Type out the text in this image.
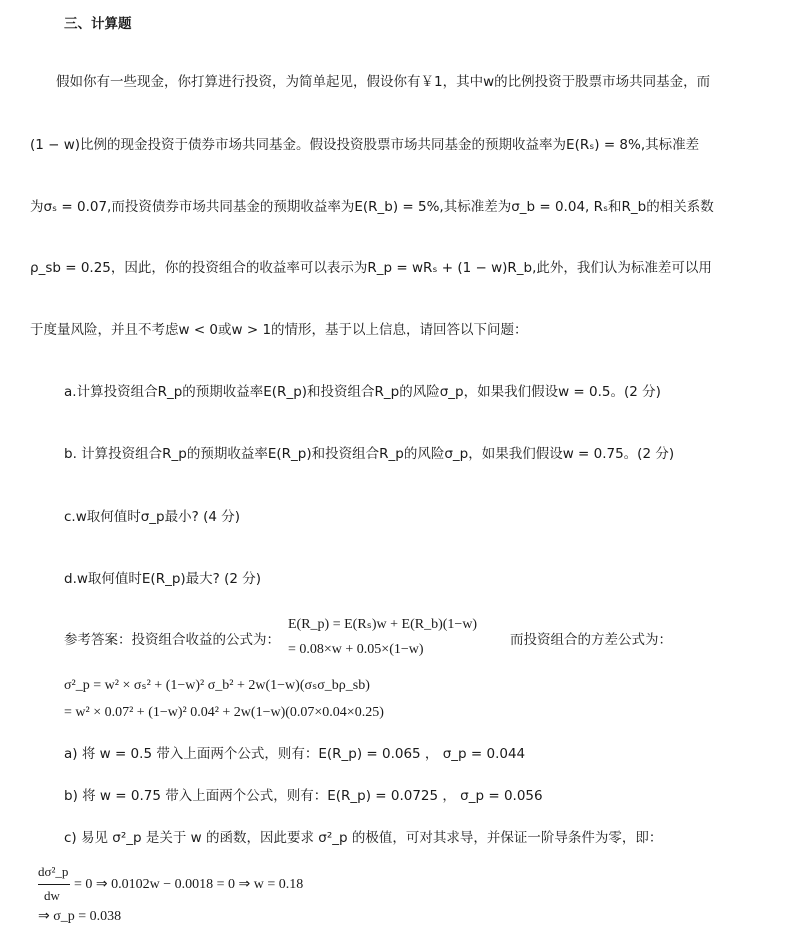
三、计算题
假如你有一些现金，你打算进行投资，为简单起见，假设你有￥1，其中w的比例投资于股票市场共同基金，而
(1 − w)比例的现金投资于债券市场共同基金。假设投资股票市场共同基金的预期收益率为E(Rₛ) = 8%,其标准差
为σₛ = 0.07,而投资债券市场共同基金的预期收益率为E(R_b) = 5%,其标准差为σ_b = 0.04, Rₛ和R_b的相关系数
ρ_sb = 0.25，因此，你的投资组合的收益率可以表示为R_p = wRₛ + (1 − w)R_b,此外，我们认为标准差可以用
于度量风险，并且不考虑w < 0或w > 1的情形，基于以上信息，请回答以下问题：
a.计算投资组合R_p的预期收益率E(R_p)和投资组合R_p的风险σ_p，如果我们假设w = 0.5。(2 分)
b. 计算投资组合R_p的预期收益率E(R_p)和投资组合R_p的风险σ_p，如果我们假设w = 0.75。(2 分)
c.w取何值时σ_p最小? (4 分)
d.w取何值时E(R_p)最大? (2 分)
参考答案：投资组合收益的公式为：
E(R_p) = E(Rₛ)w + E(R_b)(1−w)
= 0.08×w + 0.05×(1−w)
而投资组合的方差公式为：
σ²_p = w² × σₛ² + (1−w)² σ_b² + 2w(1−w)(σₛσ_bρ_sb)
= w² × 0.07² + (1−w)² 0.04² + 2w(1−w)(0.07×0.04×0.25)
a) 将 w = 0.5 带入上面两个公式，则有：E(R_p) = 0.065 ， σ_p = 0.044
b) 将 w = 0.75 带入上面两个公式，则有：E(R_p) = 0.0725 ， σ_p = 0.056
c) 易见 σ²_p 是关于 w 的函数，因此要求 σ²_p 的极值，可对其求导，并保证一阶导条件为零，即：
dσ²_p
dw
= 0 ⇒ 0.0102w − 0.0018 = 0 ⇒ w = 0.18
⇒ σ_p = 0.038
